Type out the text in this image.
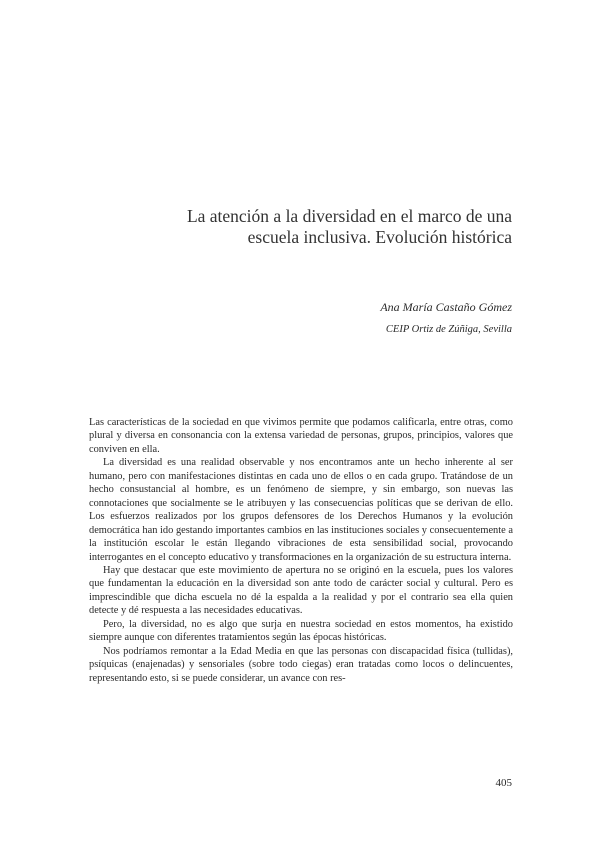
La atención a la diversidad en el marco de una escuela inclusiva. Evolución histórica
Ana María Castaño Gómez
CEIP Ortiz de Zúñiga, Sevilla

Las características de la sociedad en que vivimos permite que podamos calificarla, entre otras, como plural y diversa en consonancia con la extensa variedad de personas, grupos, principios, valores que conviven en ella.

La diversidad es una realidad observable y nos encontramos ante un hecho inherente al ser humano, pero con manifestaciones distintas en cada uno de ellos o en cada grupo. Tratándose de un hecho consustancial al hombre, es un fenómeno de siempre, y sin embargo, son nuevas las connotaciones que socialmente se le atribuyen y las consecuencias políticas que se derivan de ello. Los esfuerzos realizados por los grupos defensores de los Derechos Humanos y la evolución democrática han ido gestando importantes cambios en las instituciones sociales y consecuentemente a la institución escolar le están llegando vibraciones de esta sensibilidad social, provocando interrogantes en el concepto educativo y transformaciones en la organización de su estructura interna.

Hay que destacar que este movimiento de apertura no se originó en la escuela, pues los valores que fundamentan la educación en la diversidad son ante todo de carácter social y cultural. Pero es imprescindible que dicha escuela no dé la espalda a la realidad y por el contrario sea ella quien detecte y dé respuesta a las necesidades educativas.

Pero, la diversidad, no es algo que surja en nuestra sociedad en estos momentos, ha existido siempre aunque con diferentes tratamientos según las épocas históricas.

Nos podríamos remontar a la Edad Media en que las personas con discapacidad física (tullidas), psíquicas (enajenadas) y sensoriales (sobre todo ciegas) eran tratadas como locos o delincuentes, representando esto, si se puede considerar, un avance con res-

405
